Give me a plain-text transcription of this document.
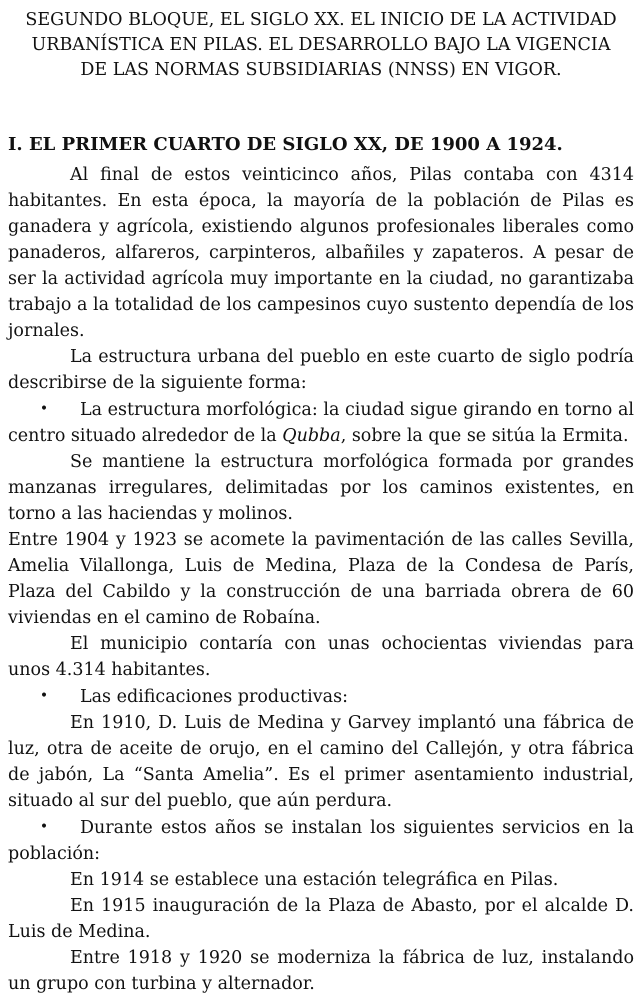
SEGUNDO BLOQUE, EL SIGLO XX. EL INICIO DE LA ACTIVIDAD
URBANÍSTICA EN PILAS. EL DESARROLLO BAJO LA VIGENCIA
DE LAS NORMAS SUBSIDIARIAS (NNSS) EN VIGOR.
I. EL PRIMER CUARTO DE SIGLO XX, DE 1900 A 1924.

Al final de estos veinticinco años, Pilas contaba con 4314 habitantes. En esta época, la mayoría de la población de Pilas es ganadera y agrícola, existiendo algunos profesionales liberales como panaderos, alfareros, carpinteros, albañiles y zapateros. A pesar de ser la actividad agrícola muy importante en la ciudad, no garantizaba trabajo a la totalidad de los campesinos cuyo sustento dependía de los jornales.

La estructura urbana del pueblo en este cuarto de siglo podría describirse de la siguiente forma:

• La estructura morfológica: la ciudad sigue girando en torno al centro situado alrededor de la Qubba, sobre la que se sitúa la Ermita.

Se mantiene la estructura morfológica formada por grandes manzanas irregulares, delimitadas por los caminos existentes, en torno a las haciendas y molinos.

Entre 1904 y 1923 se acomete la pavimentación de las calles Sevilla, Amelia Vilallonga, Luis de Medina, Plaza de la Condesa de París, Plaza del Cabildo y la construcción de una barriada obrera de 60 viviendas en el camino de Robaína.

El municipio contaría con unas ochocientas viviendas para unos 4.314 habitantes.

• Las edificaciones productivas:

En 1910, D. Luis de Medina y Garvey implantó una fábrica de luz, otra de aceite de orujo, en el camino del Callejón, y otra fábrica de jabón, La “Santa Amelia”. Es el primer asentamiento industrial, situado al sur del pueblo, que aún perdura.

• Durante estos años se instalan los siguientes servicios en la población:

En 1914 se establece una estación telegráfica en Pilas.

En 1915 inauguración de la Plaza de Abasto, por el alcalde D. Luis de Medina.

Entre 1918 y 1920 se moderniza la fábrica de luz, instalando un grupo con turbina y alternador.
